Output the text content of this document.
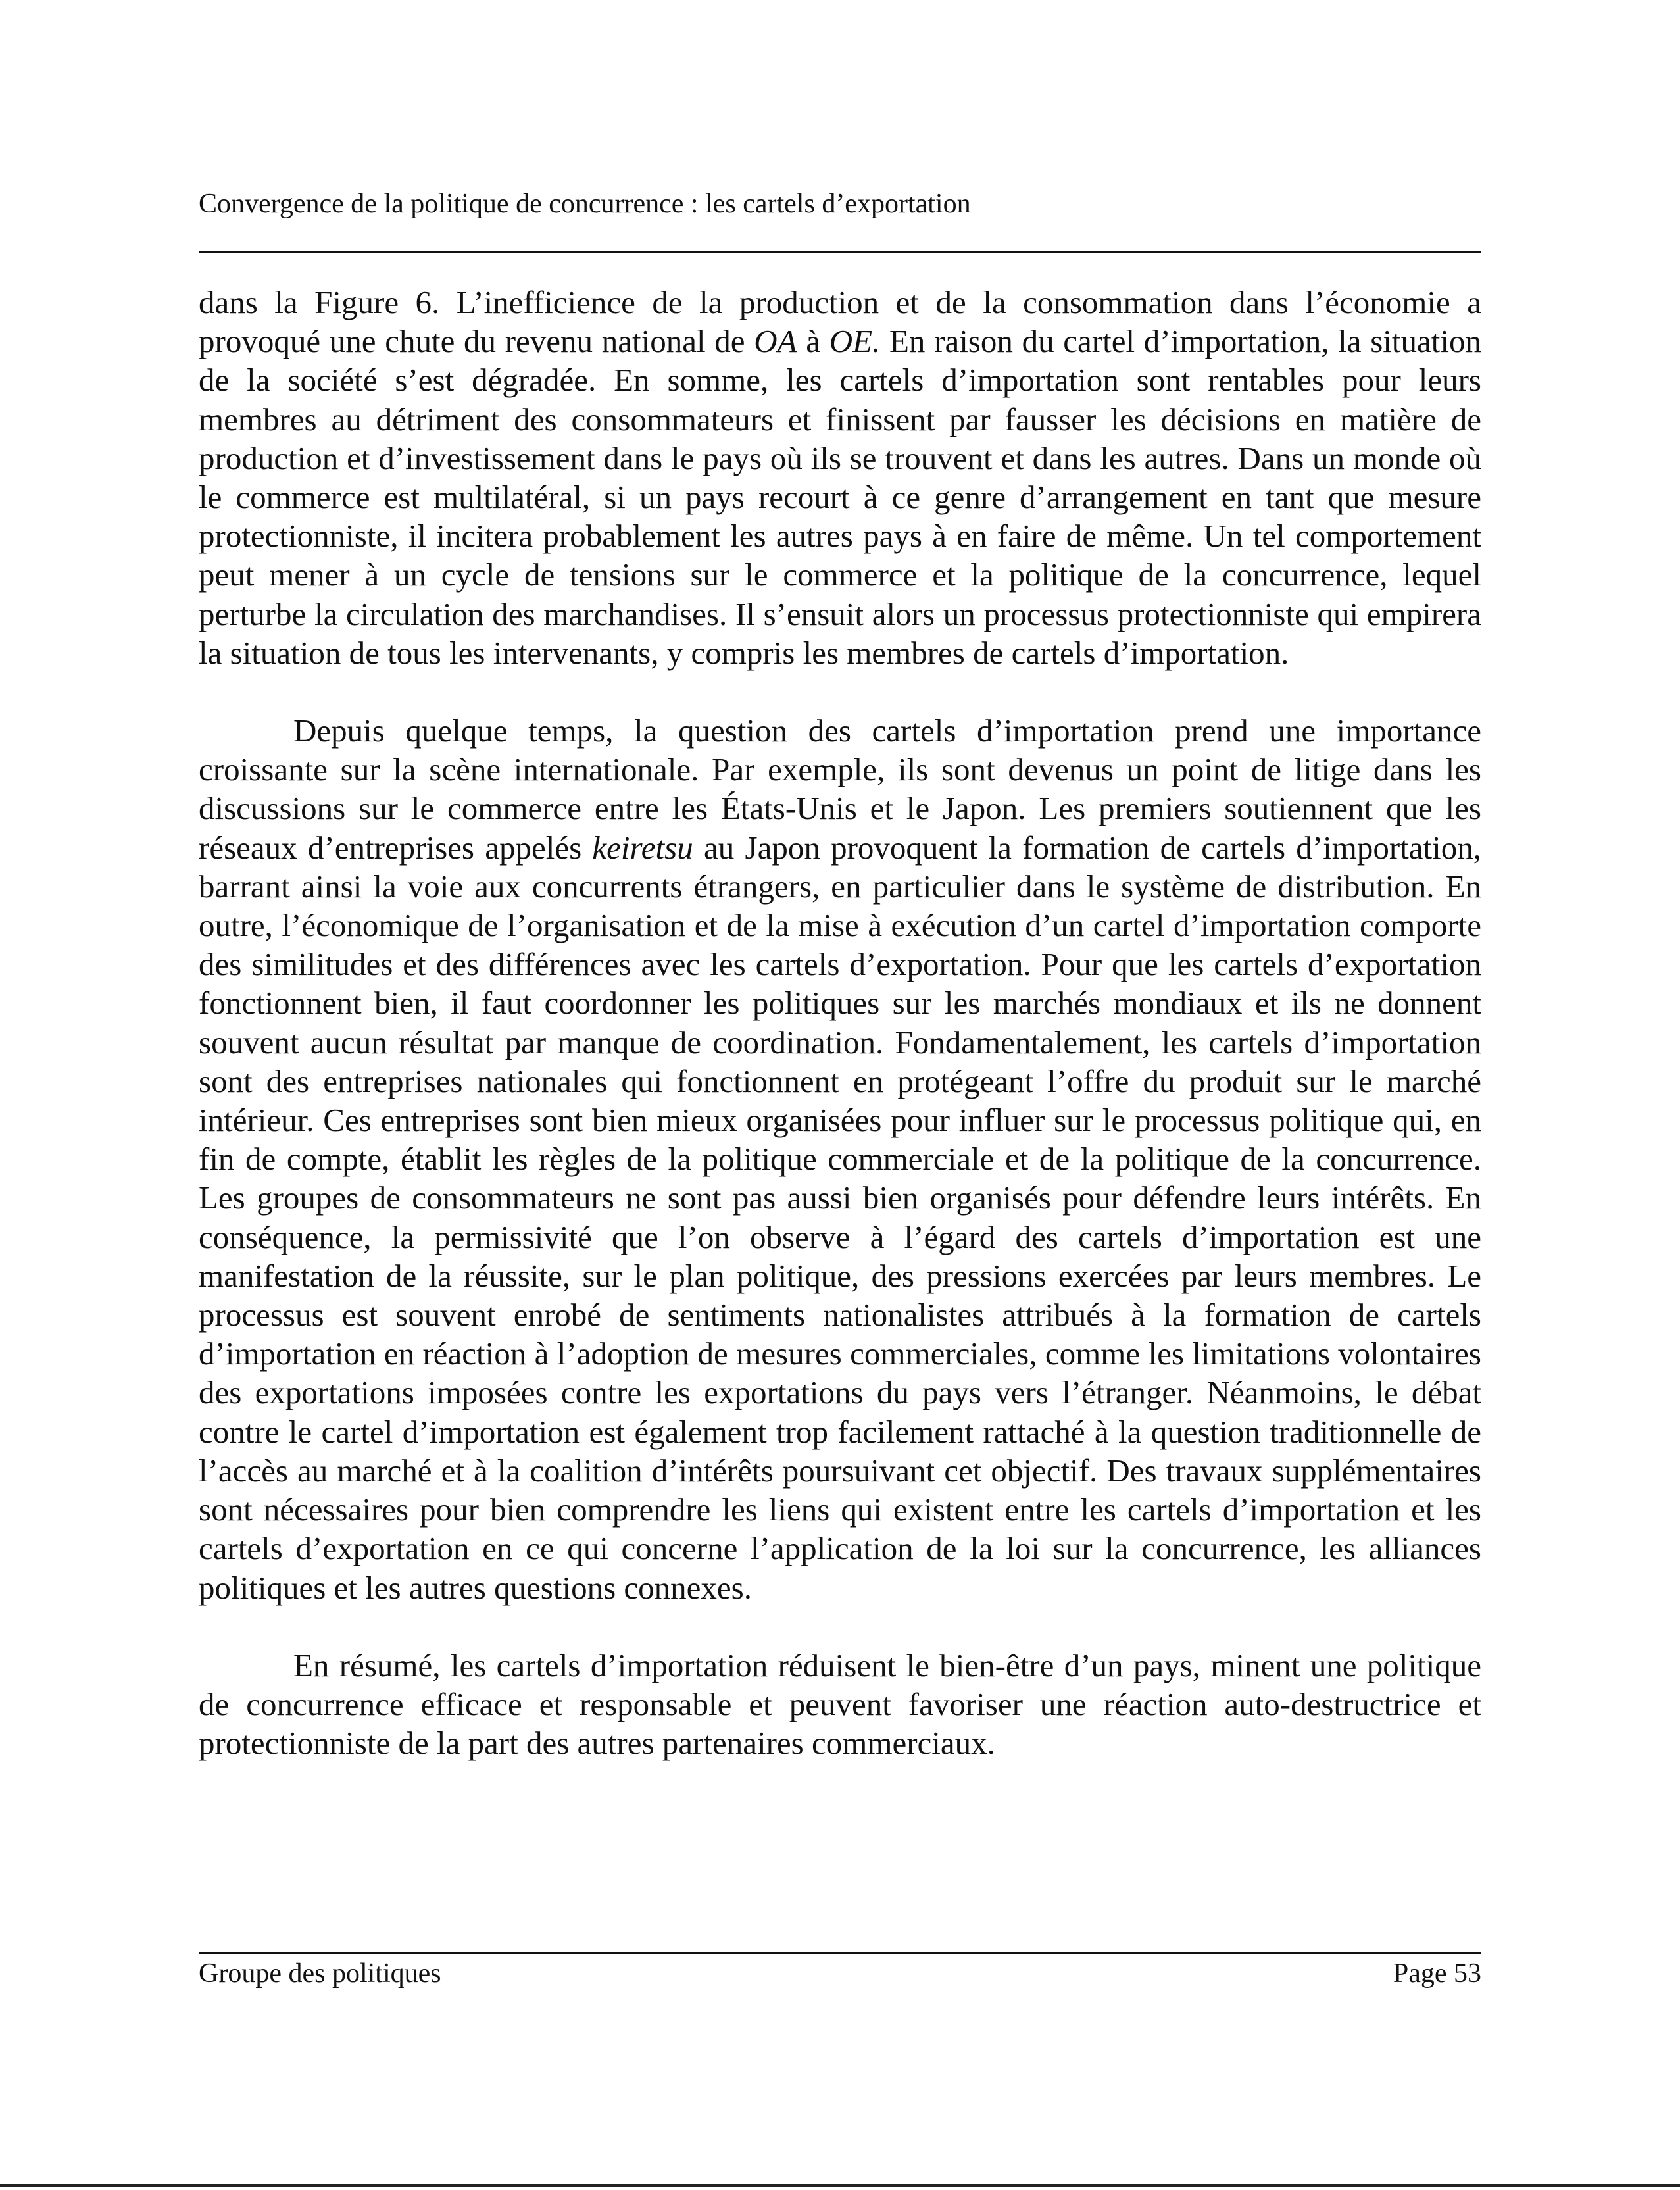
Convergence de la politique de concurrence : les cartels d’exportation

dans la Figure 6. L’inefficience de la production et de la consommation dans l’économie a provoqué une chute du revenu national de OA à OE. En raison du cartel d’importation, la situation de la société s’est dégradée. En somme, les cartels d’importation sont rentables pour leurs membres au détriment des consommateurs et finissent par fausser les décisions en matière de production et d’investissement dans le pays où ils se trouvent et dans les autres. Dans un monde où le commerce est multilatéral, si un pays recourt à ce genre d’arrangement en tant que mesure protectionniste, il incitera probablement les autres pays à en faire de même. Un tel comportement peut mener à un cycle de tensions sur le commerce et la politique de la concurrence, lequel perturbe la circulation des marchandises. Il s’ensuit alors un processus protectionniste qui empirera la situation de tous les intervenants, y compris les membres de cartels d’importation.

Depuis quelque temps, la question des cartels d’importation prend une importance croissante sur la scène internationale. Par exemple, ils sont devenus un point de litige dans les discussions sur le commerce entre les États-Unis et le Japon. Les premiers soutiennent que les réseaux d’entreprises appelés keiretsu au Japon provoquent la formation de cartels d’importation, barrant ainsi la voie aux concurrents étrangers, en particulier dans le système de distribution. En outre, l’économique de l’organisation et de la mise à exécution d’un cartel d’importation comporte des similitudes et des différences avec les cartels d’exportation. Pour que les cartels d’exportation fonctionnent bien, il faut coordonner les politiques sur les marchés mondiaux et ils ne donnent souvent aucun résultat par manque de coordination. Fondamentalement, les cartels d’importation sont des entreprises nationales qui fonctionnent en protégeant l’offre du produit sur le marché intérieur. Ces entreprises sont bien mieux organisées pour influer sur le processus politique qui, en fin de compte, établit les règles de la politique commerciale et de la politique de la concurrence. Les groupes de consommateurs ne sont pas aussi bien organisés pour défendre leurs intérêts. En conséquence, la permissivité que l’on observe à l’égard des cartels d’importation est une manifestation de la réussite, sur le plan politique, des pressions exercées par leurs membres. Le processus est souvent enrobé de sentiments nationalistes attribués à la formation de cartels d’importation en réaction à l’adoption de mesures commerciales, comme les limitations volontaires des exportations imposées contre les exportations du pays vers l’étranger. Néanmoins, le débat contre le cartel d’importation est également trop facilement rattaché à la question traditionnelle de l’accès au marché et à la coalition d’intérêts poursuivant cet objectif. Des travaux supplémentaires sont nécessaires pour bien comprendre les liens qui existent entre les cartels d’importation et les cartels d’exportation en ce qui concerne l’application de la loi sur la concurrence, les alliances politiques et les autres questions connexes.

En résumé, les cartels d’importation réduisent le bien-être d’un pays, minent une politique de concurrence efficace et responsable et peuvent favoriser une réaction auto-destructrice et protectionniste de la part des autres partenaires commerciaux.

Groupe des politiques	Page 53
